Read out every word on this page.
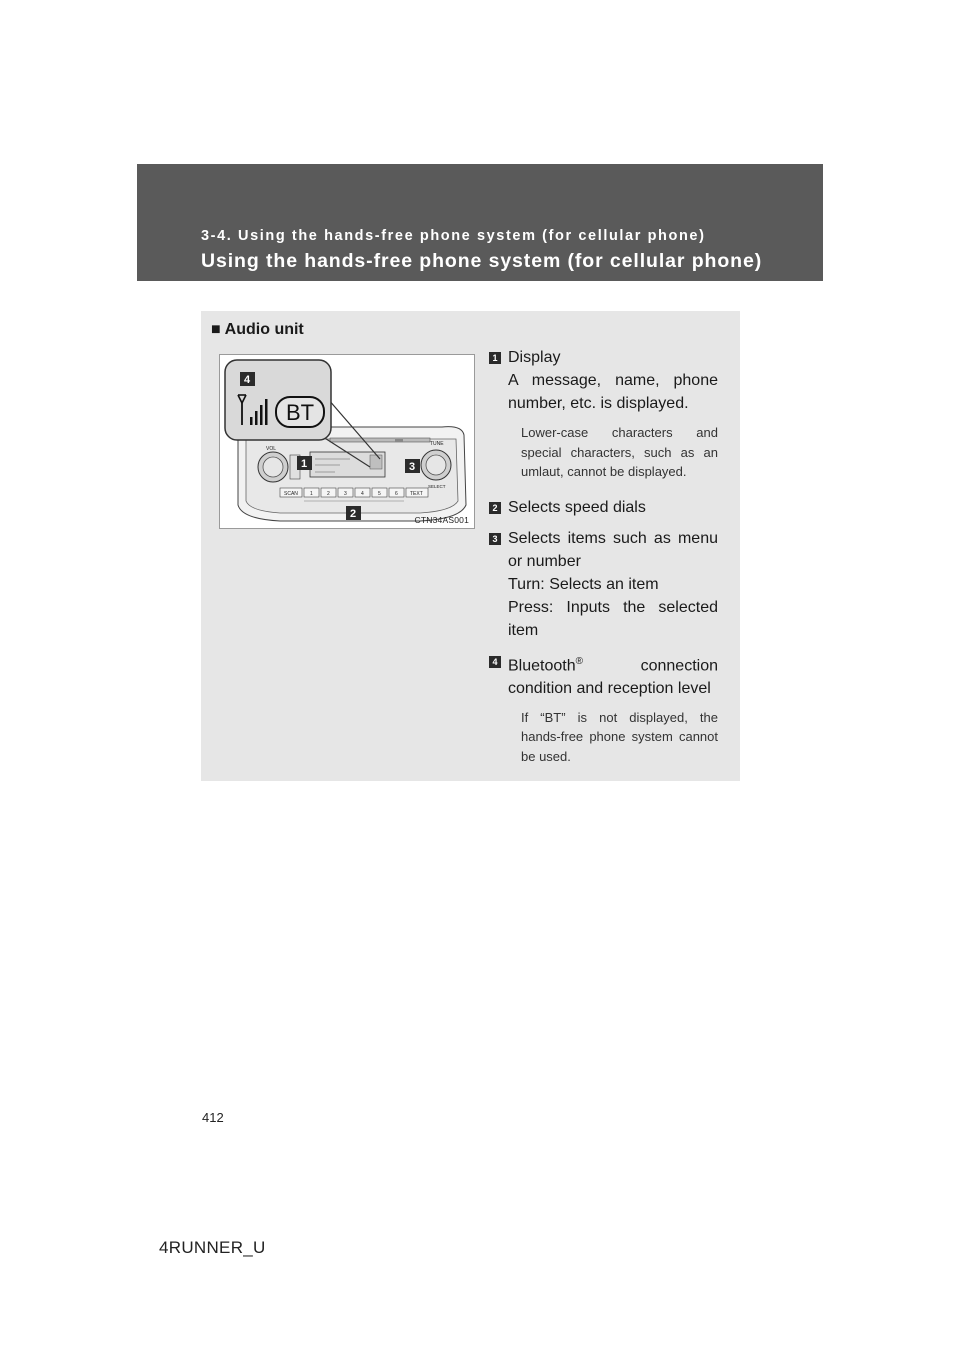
3-4. Using the hands-free phone system (for cellular phone)
Using the hands-free phone system (for cellular phone)
■ Audio unit
VOL
TUNE
SELECT
SCAN 1	2	3	4	5	6 TEXT
BT
4
1	3
2	CTN34AS001
1 Display

A message, name, phone number, etc. is displayed.

Lower-case characters and special characters, such as an umlaut, cannot be displayed.
2 Selects speed dials

3 Selects items such as menu or number

Turn: Selects an item

Press: Inputs the selected item

4 Bluetooth® connection condition and reception level

If “BT” is not displayed, the hands-free phone system cannot be used.
412
4RUNNER_U
